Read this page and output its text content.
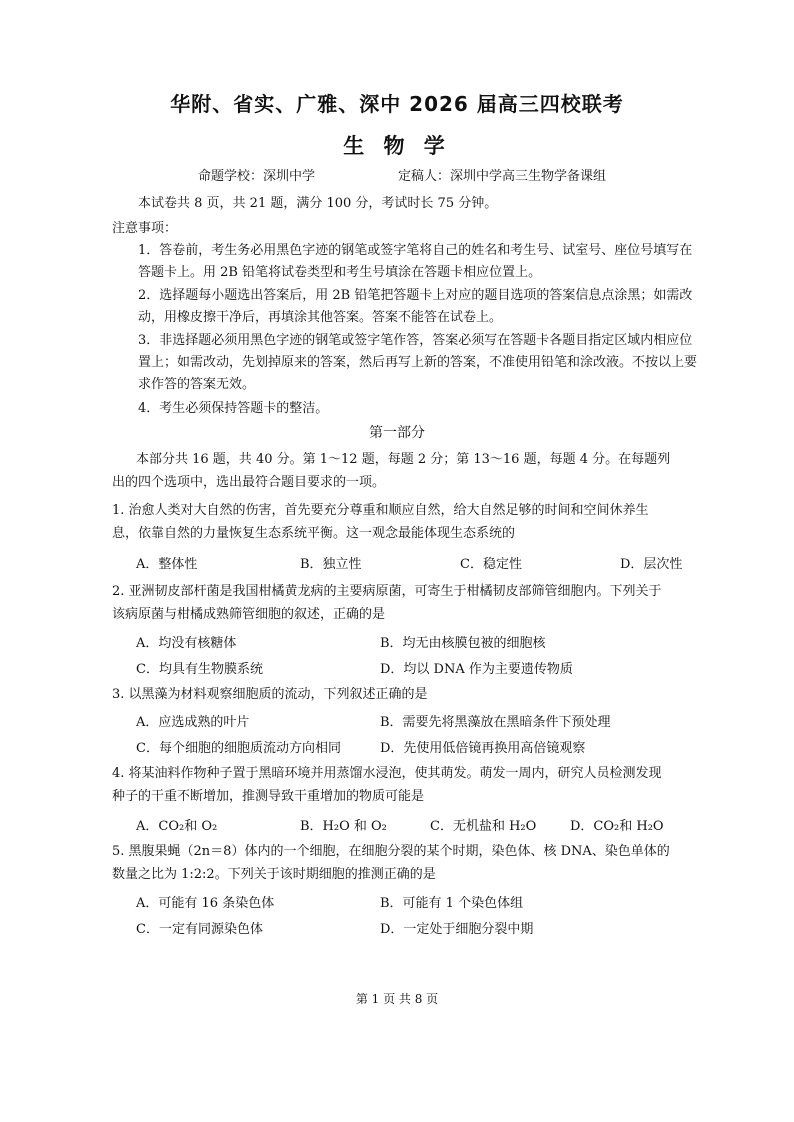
华附、省实、广雅、深中 2026 届高三四校联考
生 物 学
命题学校：深圳中学	定稿人：深圳中学高三生物学备课组
本试卷共 8 页，共 21 题，满分 100 分，考试时长 75 分钟。
注意事项：
1．答卷前，考生务必用黑色字迹的钢笔或签字笔将自己的姓名和考生号、试室号、座位号填写在答题卡上。用 2B 铅笔将试卷类型和考生号填涂在答题卡相应位置上。
2．选择题每小题选出答案后，用 2B 铅笔把答题卡上对应的题目选项的答案信息点涂黑；如需改动，用橡皮擦干净后，再填涂其他答案。答案不能答在试卷上。
3．非选择题必须用黑色字迹的钢笔或签字笔作答，答案必须写在答题卡各题目指定区域内相应位置上；如需改动，先划掉原来的答案，然后再写上新的答案，不准使用铅笔和涂改液。不按以上要求作答的答案无效。
4．考生必须保持答题卡的整洁。
第一部分
本部分共 16 题，共 40 分。第 1～12 题，每题 2 分；第 13～16 题，每题 4 分。在每题列出的四个选项中，选出最符合题目要求的一项。
1. 治愈人类对大自然的伤害，首先要充分尊重和顺应自然，给大自然足够的时间和空间休养生息，依靠自然的力量恢复生态系统平衡。这一观念最能体现生态系统的
A．整体性	B．独立性	C．稳定性	D．层次性
2. 亚洲韧皮部杆菌是我国柑橘黄龙病的主要病原菌，可寄生于柑橘韧皮部筛管细胞内。下列关于该病原菌与柑橘成熟筛管细胞的叙述，正确的是
A．均没有核糖体	B．均无由核膜包被的细胞核
C．均具有生物膜系统	D．均以 DNA 作为主要遗传物质
3. 以黑藻为材料观察细胞质的流动，下列叙述正确的是
A．应选成熟的叶片	B．需要先将黑藻放在黑暗条件下预处理
C．每个细胞的细胞质流动方向相同	D．先使用低倍镜再换用高倍镜观察
4. 将某油料作物种子置于黑暗环境并用蒸馏水浸泡，使其萌发。萌发一周内，研究人员检测发现种子的干重不断增加，推测导致干重增加的物质可能是
A．CO₂和 O₂	B．H₂O 和 O₂	C．无机盐和 H₂O	D．CO₂和 H₂O
5. 黑腹果蝇（2n＝8）体内的一个细胞，在细胞分裂的某个时期，染色体、核 DNA、染色单体的数量之比为 1:2:2。下列关于该时期细胞的推测正确的是
A．可能有 16 条染色体	B．可能有 1 个染色体组
C．一定有同源染色体	D．一定处于细胞分裂中期
第 1 页 共 8 页
